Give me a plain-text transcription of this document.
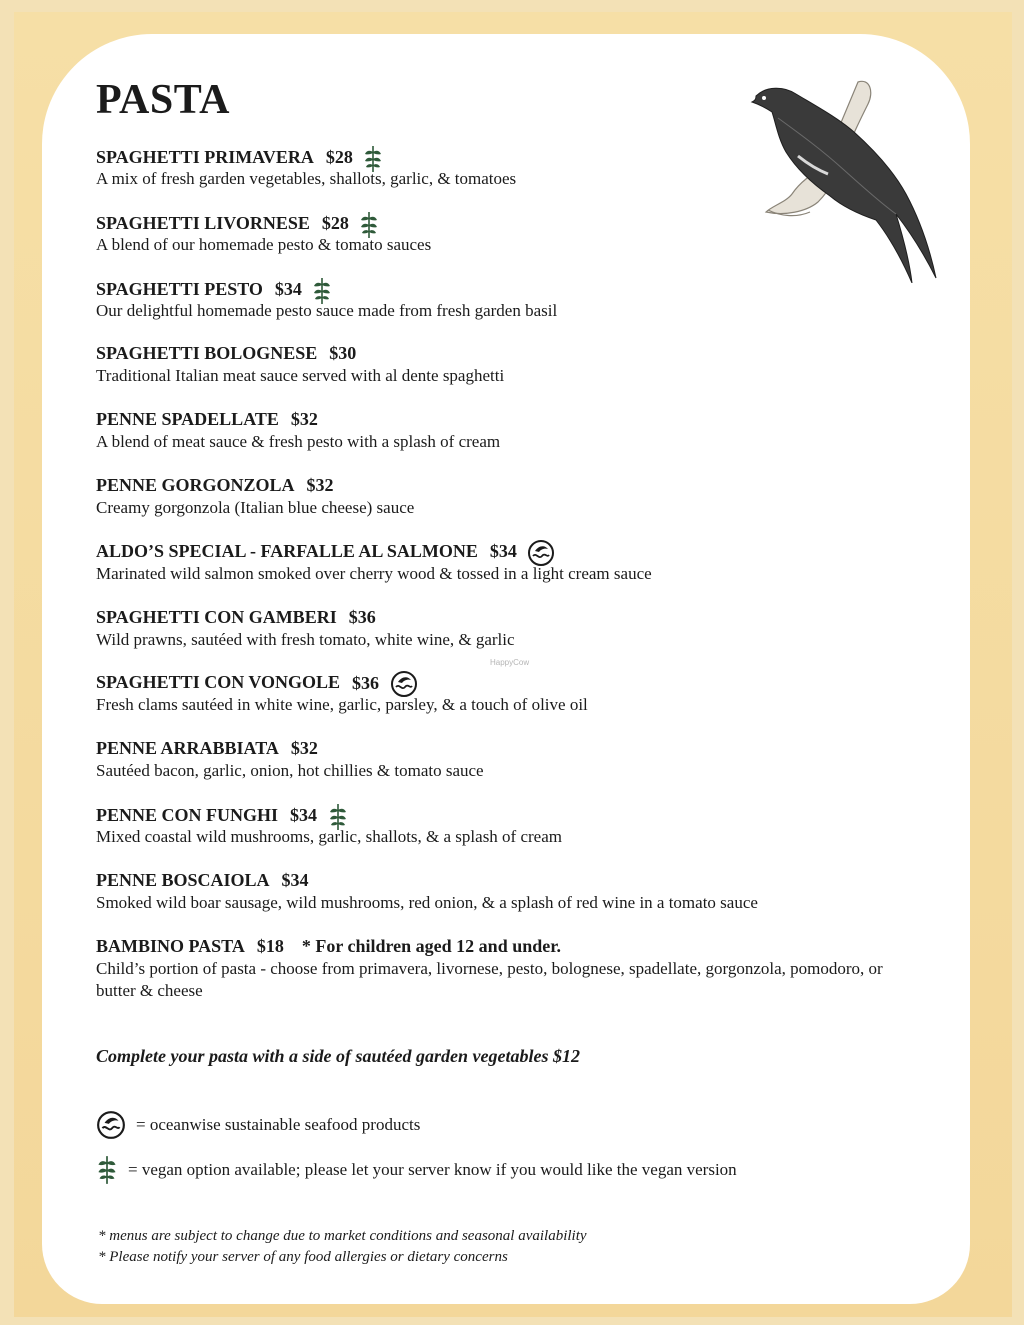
PASTA
SPAGHETTI PRIMAVERA $28
A mix of fresh garden vegetables, shallots, garlic, & tomatoes
SPAGHETTI LIVORNESE $28
A blend of our homemade pesto & tomato sauces
SPAGHETTI PESTO $34
Our delightful homemade pesto sauce made from fresh garden basil
SPAGHETTI BOLOGNESE $30
Traditional Italian meat sauce served with al dente spaghetti
PENNE SPADELLATE $32
A blend of meat sauce & fresh pesto with a splash of cream
PENNE GORGONZOLA $32
Creamy gorgonzola (Italian blue cheese) sauce
ALDO’S SPECIAL - FARFALLE AL SALMONE $34
Marinated wild salmon smoked over cherry wood & tossed in a light cream sauce
SPAGHETTI CON GAMBERI $36
Wild prawns, sautéed with fresh tomato, white wine, & garlic
SPAGHETTI CON VONGOLE $36
Fresh clams sautéed in white wine, garlic, parsley, & a touch of olive oil
PENNE ARRABBIATA $32
Sautéed bacon, garlic, onion, hot chillies & tomato sauce
PENNE CON FUNGHI $34
Mixed coastal wild mushrooms, garlic, shallots, & a splash of cream
PENNE BOSCAIOLA $34
Smoked wild boar sausage, wild mushrooms, red onion, & a splash of red wine in a tomato sauce
BAMBINO PASTA $18 * For children aged 12 and under.
Child’s portion of pasta - choose from primavera, livornese, pesto, bolognese, spadellate, gorgonzola, pomodoro, or butter & cheese
HappyCow
Complete your pasta with a side of sautéed garden vegetables $12
= oceanwise sustainable seafood products
= vegan option available; please let your server know if you would like the vegan version
* menus are subject to change due to market conditions and seasonal availability
* Please notify your server of any food allergies or dietary concerns
